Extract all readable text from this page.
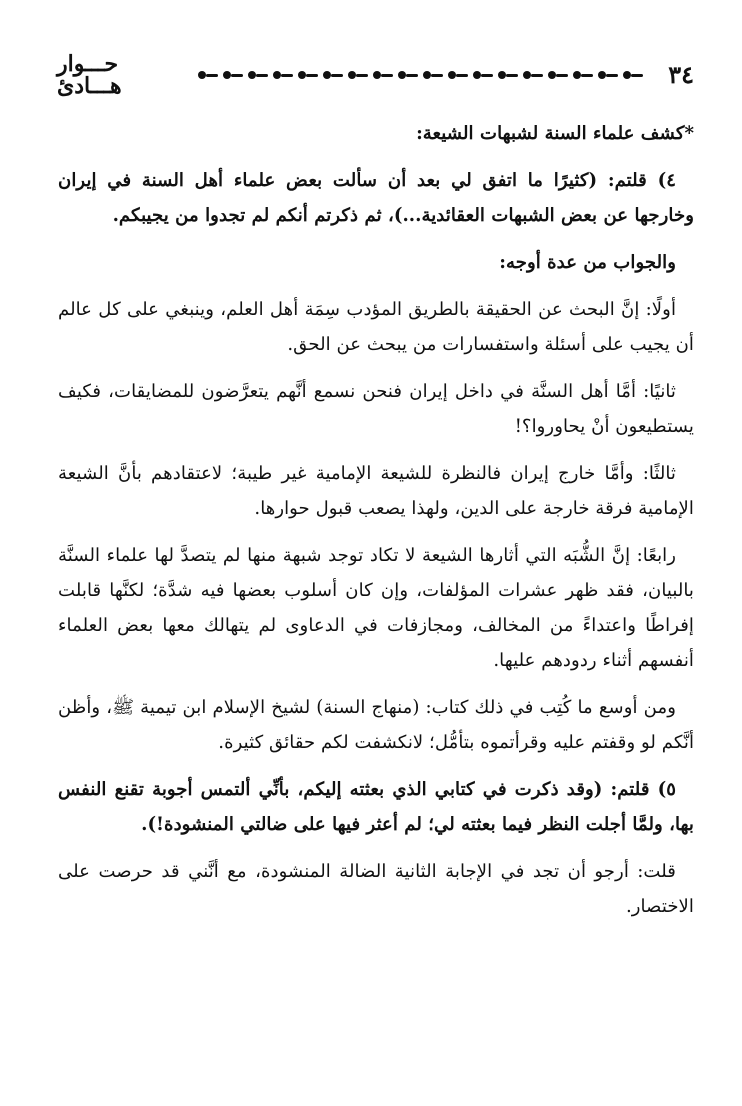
٣٤
حـــوار هـــادئ
*كشف علماء السنة لشبهات الشيعة:

٤) قلتم: (كثيرًا ما اتفق لي بعد أن سألت بعض علماء أهل السنة في إيران وخارجها عن بعض الشبهات العقائدية...)، ثم ذكرتم أنكم لم تجدوا من يجيبكم.

والجواب من عدة أوجه:

أولًا: إنَّ البحث عن الحقيقة بالطريق المؤدب سِمَة أهل العلم، وينبغي على كل عالم أن يجيب على أسئلة واستفسارات من يبحث عن الحق.

ثانيًا: أمَّا أهل السنَّة في داخل إيران فنحن نسمع أنَّهم يتعرَّضون للمضايقات، فكيف يستطيعون أنْ يحاوروا؟!

ثالثًا: وأمَّا خارج إيران فالنظرة للشيعة الإمامية غير طيبة؛ لاعتقادهم بأنَّ الشيعة الإمامية فرقة خارجة على الدين، ولهذا يصعب قبول حوارها.

رابعًا: إنَّ الشُّبَه التي أثارها الشيعة لا تكاد توجد شبهة منها لم يتصدَّ لها علماء السنَّة بالبيان، فقد ظهر عشرات المؤلفات، وإن كان أسلوب بعضها فيه شدَّة؛ لكنَّها قابلت إفراطًا واعتداءً من المخالف، ومجازفات في الدعاوى لم يتهالك معها بعض العلماء أنفسهم أثناء ردودهم عليها.

ومن أوسع ما كُتِب في ذلك كتاب: (منهاج السنة) لشيخ الإسلام ابن تيمية ﷺ، وأظن أنَّكم لو وقفتم عليه وقرأتموه بتأمُّل؛ لانكشفت لكم حقائق كثيرة.

٥) قلتم: (وقد ذكرت في كتابي الذي بعثته إليكم، بأنِّي ألتمس أجوبة تقنع النفس بها، ولمَّا أجلت النظر فيما بعثته لي؛ لم أعثر فيها على ضالتي المنشودة!).

قلت: أرجو أن تجد في الإجابة الثانية الضالة المنشودة، مع أنَّني قد حرصت على الاختصار.
